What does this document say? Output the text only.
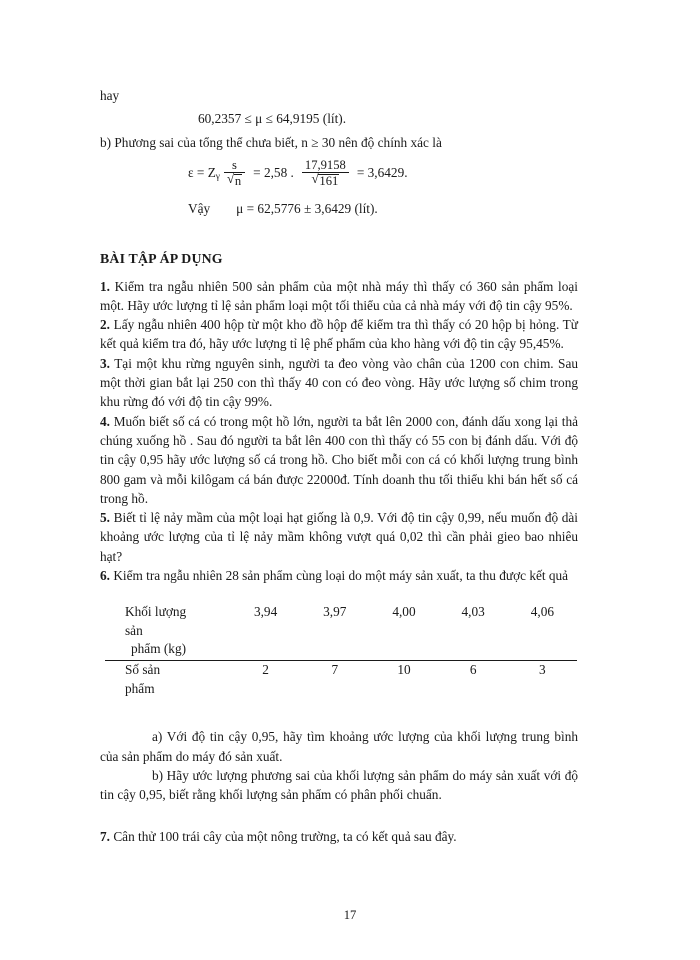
hay
60,2357 ≤ μ ≤ 64,9195 (lít).
b) Phương sai của tổng thể chưa biết, n ≥ 30 nên độ chính xác là
ε = Z γ s
√ n = 2,58 . 17,9158
√ 161 = 3,6429.
Vậy μ = 62,5776 ± 3,6429 (lít).
BÀI TẬP ÁP DỤNG

1. Kiểm tra ngẫu nhiên 500 sản phẩm của một nhà máy thì thấy có 360 sản phẩm loại một. Hãy ước lượng tỉ lệ sản phẩm loại một tối thiểu của cả nhà máy với độ tin cậy 95%.

2. Lấy ngẫu nhiên 400 hộp từ một kho đồ hộp để kiểm tra thì thấy có 20 hộp bị hỏng. Từ kết quả kiểm tra đó, hãy ước lượng tỉ lệ phế phẩm của kho hàng với độ tin cậy 95,45%.

3. Tại một khu rừng nguyên sinh, người ta đeo vòng vào chân của 1200 con chim. Sau một thời gian bắt lại 250 con thì thấy 40 con có đeo vòng. Hãy ước lượng số chim trong khu rừng đó với độ tin cậy 99%.

4. Muốn biết số cá có trong một hồ lớn, người ta bắt lên 2000 con, đánh dấu xong lại thả chúng xuống hồ . Sau đó người ta bắt lên 400 con thì thấy có 55 con bị đánh dấu. Với độ tin cậy 0,95 hãy ước lượng số cá trong hồ. Cho biết mỗi con cá có khối lượng trung bình 800 gam và mỗi kilôgam cá bán được 22000đ. Tính doanh thu tối thiểu khi bán hết số cá trong hồ.

5. Biết tỉ lệ nảy mầm của một loại hạt giống là 0,9. Với độ tin cậy 0,99, nếu muốn độ dài khoảng ước lượng của tỉ lệ nảy mầm không vượt quá 0,02 thì cần phải gieo bao nhiêu hạt?

6. Kiểm tra ngẫu nhiên 28 sản phẩm cùng loại do một máy sản xuất, ta thu được kết quả

Khối lượng
sản
phẩm (kg)	3,94	3,97	4,00	4,03	4,06

Số sản
phẩm	2	7	10	6	3

a) Với độ tin cậy 0,95, hãy tìm khoảng ước lượng của khối lượng trung bình của sản phẩm do máy đó sản xuất.

b) Hãy ước lượng phương sai của khối lượng sản phẩm do máy sản xuất với độ tin cậy 0,95, biết rằng khối lượng sản phẩm có phân phối chuẩn.

7. Cân thử 100 trái cây của một nông trường, ta có kết quả sau đây.

17
